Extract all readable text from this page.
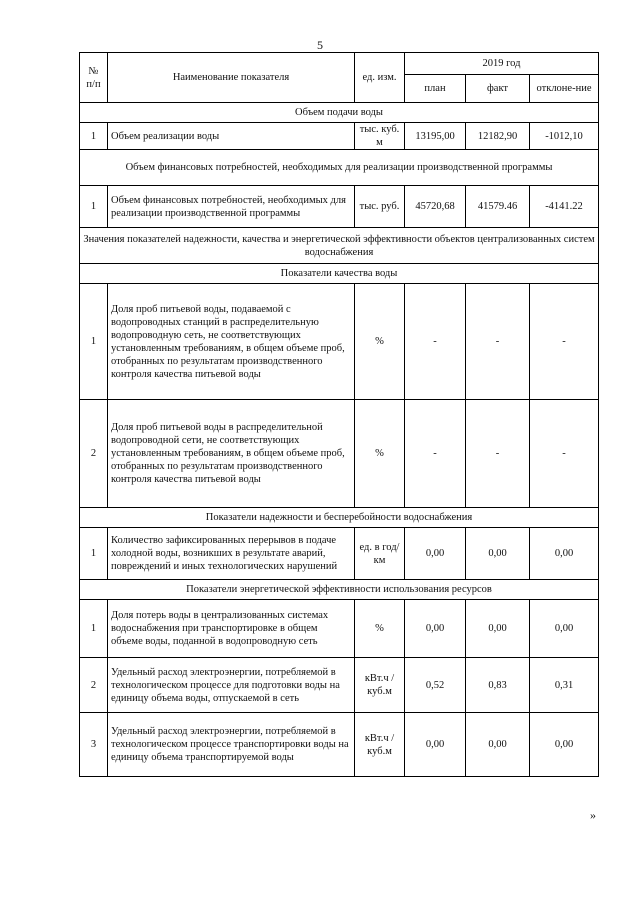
5
№ п/п	Наименование показателя	ед. изм.	2019 год		
			план	факт	отклоне-ние
Объем подачи воды					
1	Объем реализации воды	тыс. куб. м	13195,00	12182,90	-1012,10
Объем финансовых потребностей, необходимых для реализации производственной программы					
1	Объем финансовых потребностей, необходимых для реализации производственной программы	тыс. руб.	45720,68	41579.46	-4141.22
Значения показателей надежности, качества и энергетической эффективности объектов централизованных систем водоснабжения					
Показатели качества воды					
1	Доля проб питьевой воды, подаваемой с водопроводных станций в распределительную водопроводную сеть, не соответствующих установленным требованиям, в общем объеме проб, отобранных по результатам производственного контроля качества питьевой воды	%	-	-	-
2	Доля проб питьевой воды в распределительной водопроводной сети, не соответствующих установленным требованиям, в общем объеме проб, отобранных по результатам производственного контроля качества питьевой воды	%	-	-	-
Показатели надежности и бесперебойности водоснабжения					
1	Количество зафиксированных перерывов в подаче холодной воды, возникших в результате аварий, повреждений и иных технологических нарушений	ед. в год/ км	0,00	0,00	0,00
Показатели энергетической эффективности использования ресурсов					
1	Доля потерь воды в централизованных системах водоснабжения при транспортировке в общем объеме воды, поданной в водопроводную сеть	%	0,00	0,00	0,00
2	Удельный расход электроэнергии, потребляемой в технологическом процессе для подготовки воды на единицу объема воды, отпускаемой в сеть	кВт.ч / куб.м	0,52	0,83	0,31
3	Удельный расход электроэнергии, потребляемой в технологическом процессе транспортировки воды на единицу объема транспортируемой воды	кВт.ч / куб.м	0,00	0,00	0,00
»
